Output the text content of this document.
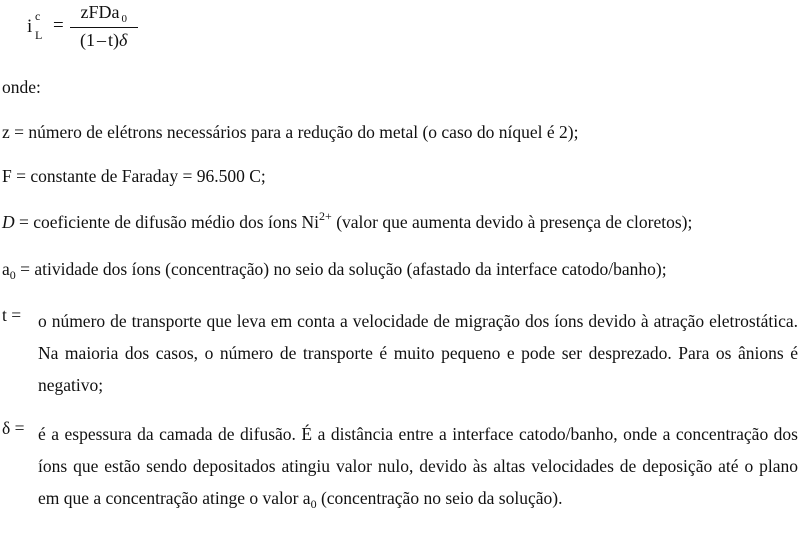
i c
$L = \frac{zFDa _0}{(1 - t)\delta}$
onde:
z = número de elétrons necessários para a redução do metal (o caso do níquel é 2);
F = constante de Faraday = 96.500 C;
D = coeficiente de difusão médio dos íons $Ni^{2+}$ (valor que aumenta devido à presença de cloretos);
$a_0$ = atividade dos íons (concentração) no seio da solução (afastado da interface catodo/banho);
t = o número de transporte que leva em conta a velocidade de migração dos íons devido à atração eletrostática. Na maioria dos casos, o número de transporte é muito pequeno e pode ser desprezado. Para os ânions é negativo;
δ = é a espessura da camada de difusão. É a distância entre a interface catodo/banho, onde a concentração dos íons que estão sendo depositados atingiu valor nulo, devido às altas velocidades de deposição até o plano em que a concentração atinge o valor $a_0$ (concentração no seio da solução).
